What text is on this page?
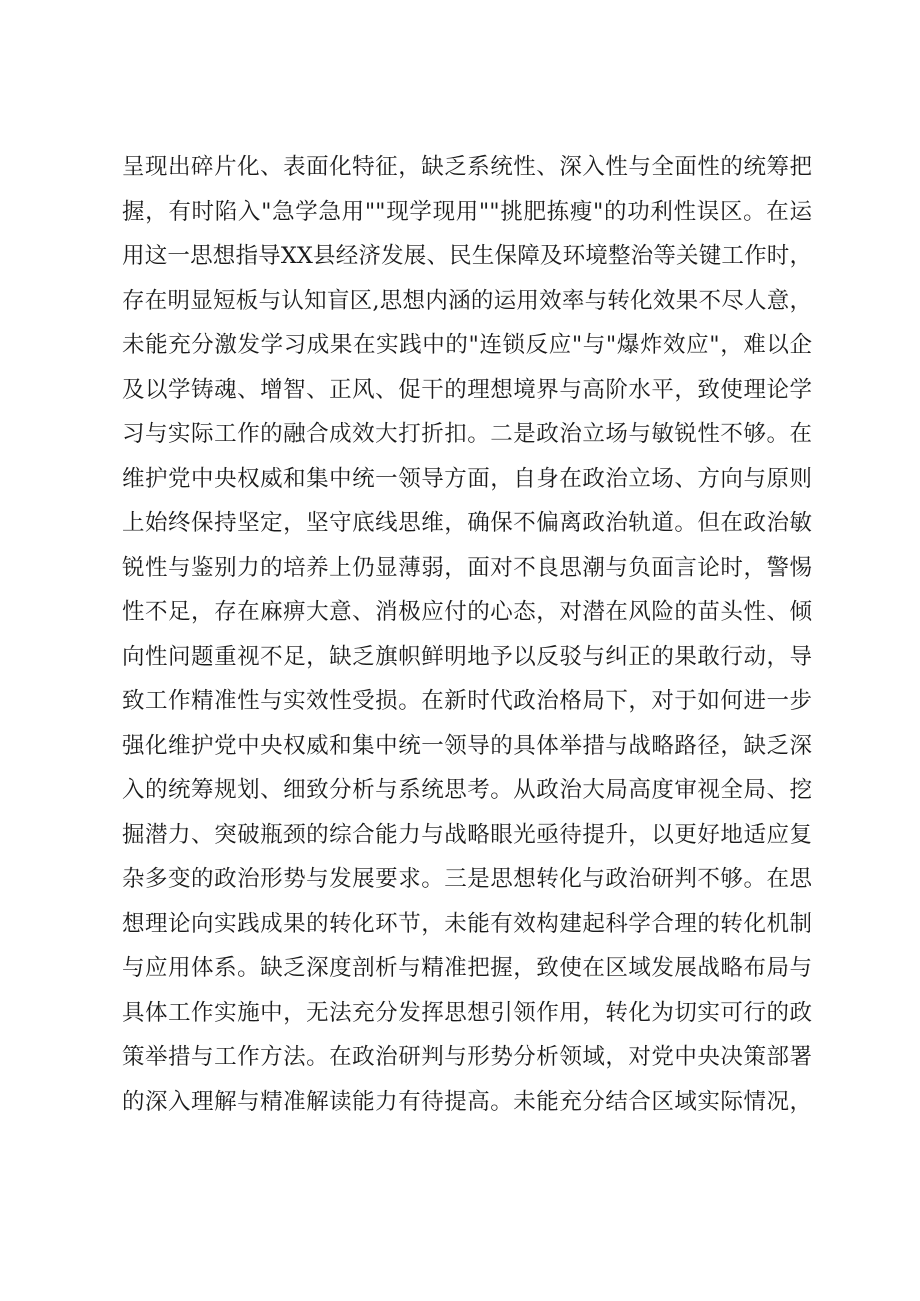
呈现出碎片化、表面化特征，缺乏系统性、深入性与全面性的统筹把
握，有时陷入"急学急用""现学现用""挑肥拣瘦"的功利性误区。在运
用这一思想指导XX县经济发展、民生保障及环境整治等关键工作时，
存在明显短板与认知盲区,思想内涵的运用效率与转化效果不尽人意，
未能充分激发学习成果在实践中的"连锁反应"与"爆炸效应"，难以企
及以学铸魂、增智、正风、促干的理想境界与高阶水平，致使理论学
习与实际工作的融合成效大打折扣。二是政治立场与敏锐性不够。在
维护党中央权威和集中统一领导方面，自身在政治立场、方向与原则
上始终保持坚定，坚守底线思维，确保不偏离政治轨道。但在政治敏
锐性与鉴别力的培养上仍显薄弱，面对不良思潮与负面言论时，警惕
性不足，存在麻痹大意、消极应付的心态，对潜在风险的苗头性、倾
向性问题重视不足，缺乏旗帜鲜明地予以反驳与纠正的果敢行动，导
致工作精准性与实效性受损。在新时代政治格局下，对于如何进一步
强化维护党中央权威和集中统一领导的具体举措与战略路径，缺乏深
入的统筹规划、细致分析与系统思考。从政治大局高度审视全局、挖
掘潜力、突破瓶颈的综合能力与战略眼光亟待提升，以更好地适应复
杂多变的政治形势与发展要求。三是思想转化与政治研判不够。在思
想理论向实践成果的转化环节，未能有效构建起科学合理的转化机制
与应用体系。缺乏深度剖析与精准把握，致使在区域发展战略布局与
具体工作实施中，无法充分发挥思想引领作用，转化为切实可行的政
策举措与工作方法。在政治研判与形势分析领域，对党中央决策部署
的深入理解与精准解读能力有待提高。未能充分结合区域实际情况，
